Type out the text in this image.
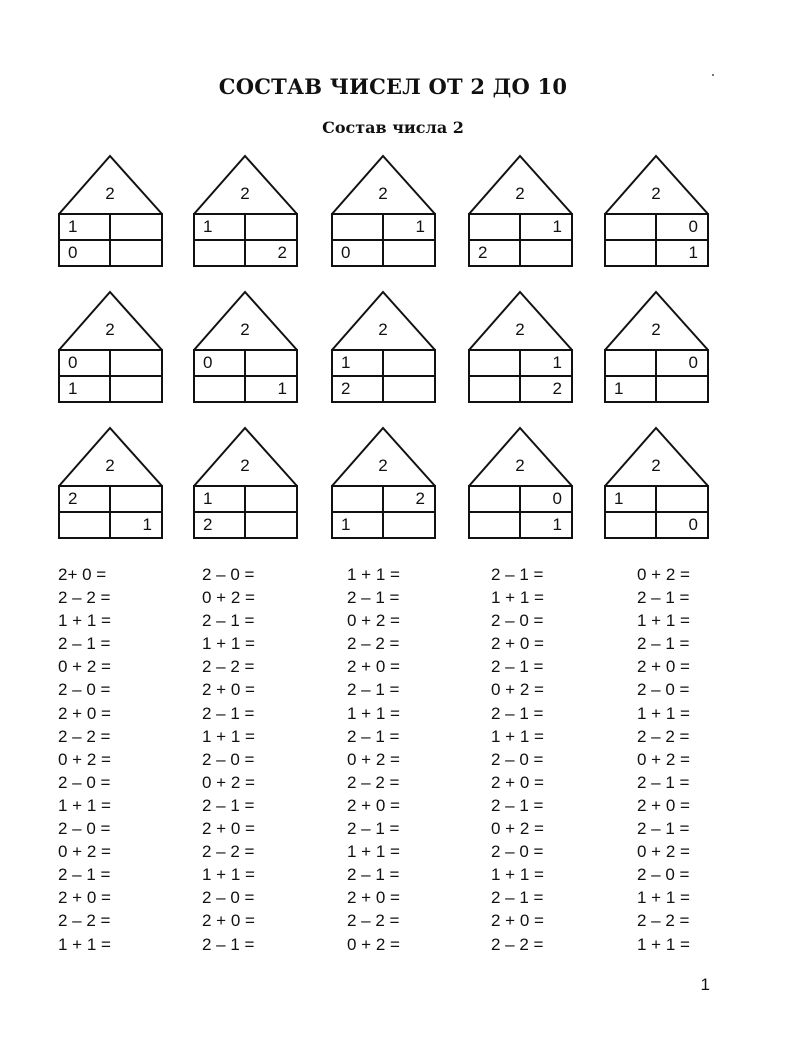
СОСТАВ ЧИСЕЛ ОТ 2 ДО 10
Состав числа 2
2
1
0
2
1
2
2
1
0
2
1
2
2
0
1
2
0
1
2
0
1
2
1
2
2
1
2
2
0
1
2
2
1
2
1
2
2
2
1
2
0
1
2
1
0
2+ 0 =
2 – 2 =
1 + 1 =
2 – 1 =
0 + 2 =
2 – 0 =
2 + 0 =
2 – 2 =
0 + 2 =
2 – 0 =
1 + 1 =
2 – 0 =
0 + 2 =
2 – 1 =
2 + 0 =
2 – 2 =
1 + 1 =
2 – 0 =
0 + 2 =
2 – 1 =
1 + 1 =
2 – 2 =
2 + 0 =
2 – 1 =
1 + 1 =
2 – 0 =
0 + 2 =
2 – 1 =
2 + 0 =
2 – 2 =
1 + 1 =
2 – 0 =
2 + 0 =
2 – 1 =
1 + 1 =
2 – 1 =
0 + 2 =
2 – 2 =
2 + 0 =
2 – 1 =
1 + 1 =
2 – 1 =
0 + 2 =
2 – 2 =
2 + 0 =
2 – 1 =
1 + 1 =
2 – 1 =
2 + 0 =
2 – 2 =
0 + 2 =
2 – 1 =
1 + 1 =
2 – 0 =
2 + 0 =
2 – 1 =
0 + 2 =
2 – 1 =
1 + 1 =
2 – 0 =
2 + 0 =
2 – 1 =
0 + 2 =
2 – 0 =
1 + 1 =
2 – 1 =
2 + 0 =
2 – 2 =
0 + 2 =
2 – 1 =
1 + 1 =
2 – 1 =
2 + 0 =
2 – 0 =
1 + 1 =
2 – 2 =
0 + 2 =
2 – 1 =
2 + 0 =
2 – 1 =
0 + 2 =
2 – 0 =
1 + 1 =
2 – 2 =
1 + 1 =
1
